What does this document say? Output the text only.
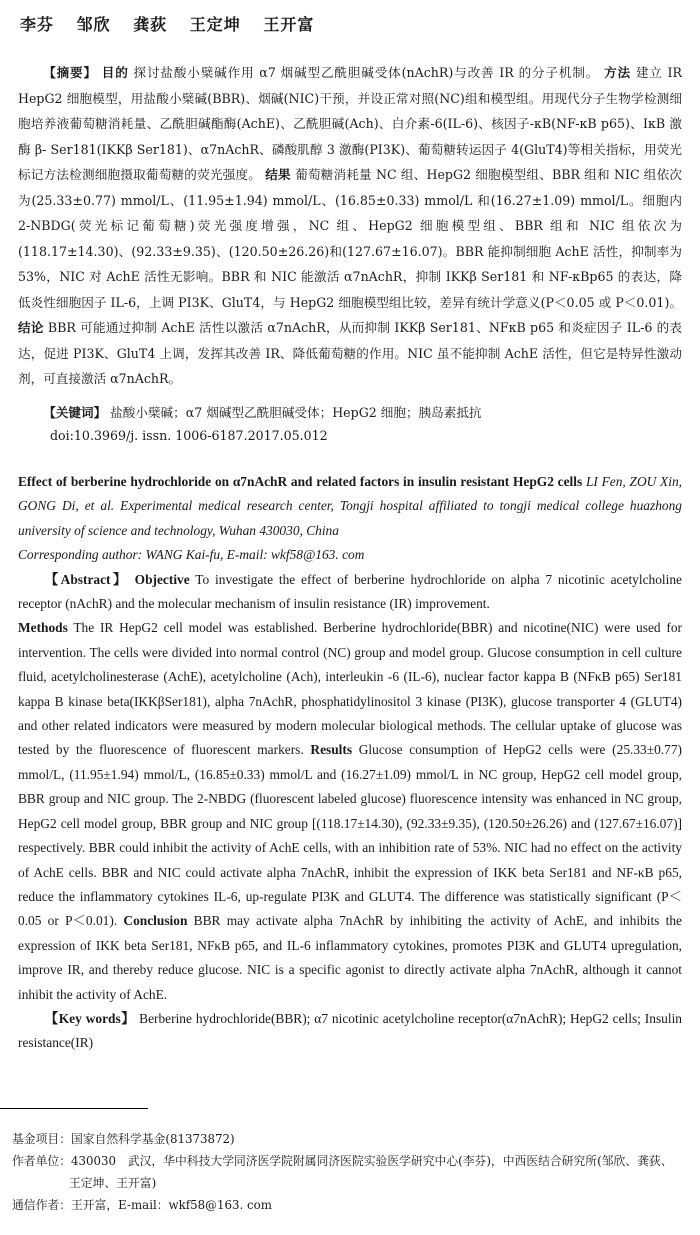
李芬 邹欣 龚荻 王定坤 王开富

【摘要】 目的 探讨盐酸小檗碱作用 α7 烟碱型乙酰胆碱受体(nAchR)与改善 IR 的分子机制。 方法 建立 IR HepG2 细胞模型，用盐酸小檗碱(BBR)、烟碱(NIC)干预，并设正常对照(NC)组和模型组。用现代分子生物学检测细胞培养液葡萄糖消耗量、乙酰胆碱酯酶(AchE)、乙酰胆碱(Ach)、白介素-6(IL-6)、核因子-κB(NF-κB p65)、IκB 激酶 β- Ser181(IKKβ Ser181)、α7nAchR、磷酸肌醇 3 激酶(PI3K)、葡萄糖转运因子 4(GluT4)等相关指标，用荧光标记方法检测细胞摄取葡萄糖的荧光强度。 结果 葡萄糖消耗量 NC 组、HepG2 细胞模型组、BBR 组和 NIC 组依次为(25.33±0.77) mmol/L、(11.95±1.94) mmol/L、(16.85±0.33) mmol/L 和(16.27±1.09) mmol/L。细胞内 2-NBDG(荧光标记葡萄糖)荧光强度增强，NC 组、HepG2 细胞模型组、BBR 组和 NIC 组依次为(118.17±14.30)、(92.33±9.35)、(120.50±26.26)和(127.67±16.07)。BBR 能抑制细胞 AchE 活性，抑制率为 53%，NIC 对 AchE 活性无影响。BBR 和 NIC 能激活 α7nAchR，抑制 IKKβ Ser181 和 NF-κBp65 的表达，降低炎性细胞因子 IL-6，上调 PI3K、GluT4，与 HepG2 细胞模型组比较，差异有统计学意义(P＜0.05 或 P＜0.01)。 结论 BBR 可能通过抑制 AchE 活性以激活 α7nAchR，从而抑制 IKKβ Ser181、NFκB p65 和炎症因子 IL-6 的表达，促进 PI3K、GluT4 上调，发挥其改善 IR、降低葡萄糖的作用。NIC 虽不能抑制 AchE 活性，但它是特异性激动剂，可直接激活 α7nAchR。

【关键词】 盐酸小檗碱；α7 烟碱型乙酰胆碱受体；HepG2 细胞；胰岛素抵抗

doi:10.3969/j. issn. 1006-6187.2017.05.012

Effect of berberine hydrochloride on α7nAchR and related factors in insulin resistant HepG2 cells LI Fen, ZOU Xin, GONG Di, et al. Experimental medical research center, Tongji hospital affiliated to tongji medical college huazhong university of science and technology, Wuhan 430030, China

Corresponding author: WANG Kai-fu, E-mail: wkf58@163. com

【Abstract】 Objective To investigate the effect of berberine hydrochloride on alpha 7 nicotinic acetylcholine receptor (nAchR) and the molecular mechanism of insulin resistance (IR) improvement.

Methods The IR HepG2 cell model was established. Berberine hydrochloride(BBR) and nicotine(NIC) were used for intervention. The cells were divided into normal control (NC) group and model group. Glucose consumption in cell culture fluid, acetylcholinesterase (AchE), acetylcholine (Ach), interleukin -6 (IL-6), nuclear factor kappa B (NFκB p65) Ser181 kappa B kinase beta(IKKβSer181), alpha 7nAchR, phosphatidylinositol 3 kinase (PI3K), glucose transporter 4 (GLUT4) and other related indicators were measured by modern molecular biological methods. The cellular uptake of glucose was tested by the fluorescence of fluorescent markers. Results Glucose consumption of HepG2 cells were (25.33±0.77) mmol/L, (11.95±1.94) mmol/L, (16.85±0.33) mmol/L and (16.27±1.09) mmol/L in NC group, HepG2 cell model group, BBR group and NIC group. The 2-NBDG (fluorescent labeled glucose) fluorescence intensity was enhanced in NC group, HepG2 cell model group, BBR group and NIC group [(118.17±14.30), (92.33±9.35), (120.50±26.26) and (127.67±16.07)] respectively. BBR could inhibit the activity of AchE cells, with an inhibition rate of 53%. NIC had no effect on the activity of AchE cells. BBR and NIC could activate alpha 7nAchR, inhibit the expression of IKK beta Ser181 and NF-κB p65, reduce the inflammatory cytokines IL-6, up-regulate PI3K and GLUT4. The difference was statistically significant (P＜0.05 or P＜0.01). Conclusion BBR may activate alpha 7nAchR by inhibiting the activity of AchE, and inhibits the expression of IKK beta Ser181, NFκB p65, and IL-6 inflammatory cytokines, promotes PI3K and GLUT4 upregulation, improve IR, and thereby reduce glucose. NIC is a specific agonist to directly activate alpha 7nAchR, although it cannot inhibit the activity of AchE.

【Key words】 Berberine hydrochloride(BBR); α7 nicotinic acetylcholine receptor(α7nAchR); HepG2 cells; Insulin resistance(IR)

基金项目：国家自然科学基金(81373872)

作者单位：430030　武汉，华中科技大学同济医学院附属同济医院实验医学研究中心(李芬)，中西医结合研究所(邹欣、龚荻、

王定坤、王开富)

通信作者：王开富，E-mail：wkf58@163. com
